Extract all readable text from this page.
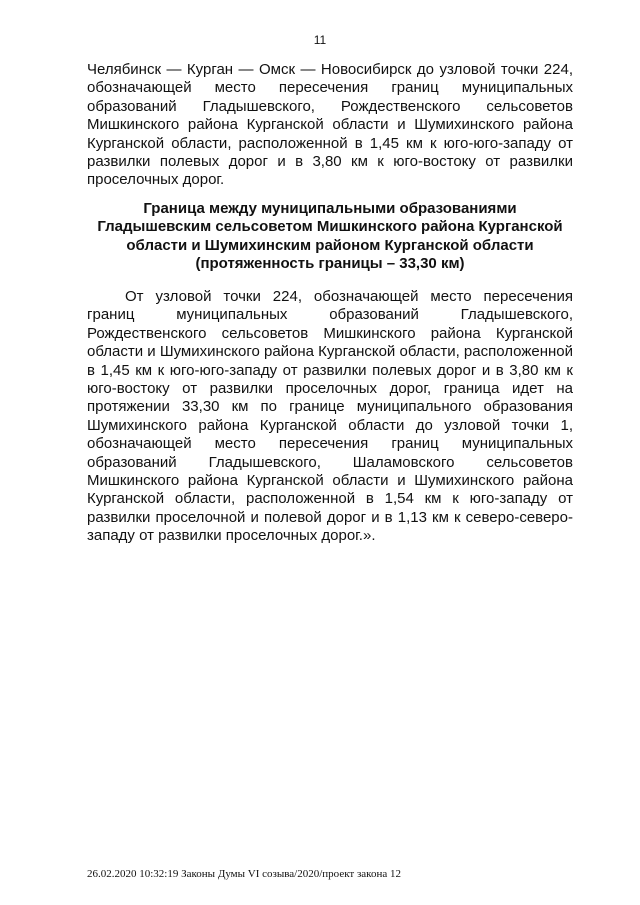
11
Челябинск — Курган — Омск — Новосибирск до узловой точки 224, обозначающей место пересечения границ муниципальных образований Гладышевского, Рождественского сельсоветов Мишкинского района Курганской области и Шумихинского района Курганской области, расположенной в 1,45 км к юго-юго-западу от развилки полевых дорог и в 3,80 км к юго-востоку от развилки проселочных дорог.
Граница между муниципальными образованиями
Гладышевским сельсоветом Мишкинского района Курганской
области и Шумихинским районом Курганской области
(протяженность границы – 33,30 км)
От узловой точки 224, обозначающей место пересечения границ муниципальных образований Гладышевского, Рождественского сельсоветов Мишкинского района Курганской области и Шумихинского района Курганской области, расположенной в 1,45 км к юго-юго-западу от развилки полевых дорог и в 3,80 км к юго-востоку от развилки проселочных дорог, граница идет на протяжении 33,30 км по границе муниципального образования Шумихинского района Курганской области до узловой точки 1, обозначающей место пересечения границ муниципальных образований Гладышевского, Шаламовского сельсоветов Мишкинского района Курганской области и Шумихинского района Курганской области, расположенной в 1,54 км к юго-западу от развилки проселочной и полевой дорог и в 1,13 км к северо-северо-западу от развилки проселочных дорог.».
26.02.2020 10:32:19 Законы Думы VI созыва/2020/проект закона 12
